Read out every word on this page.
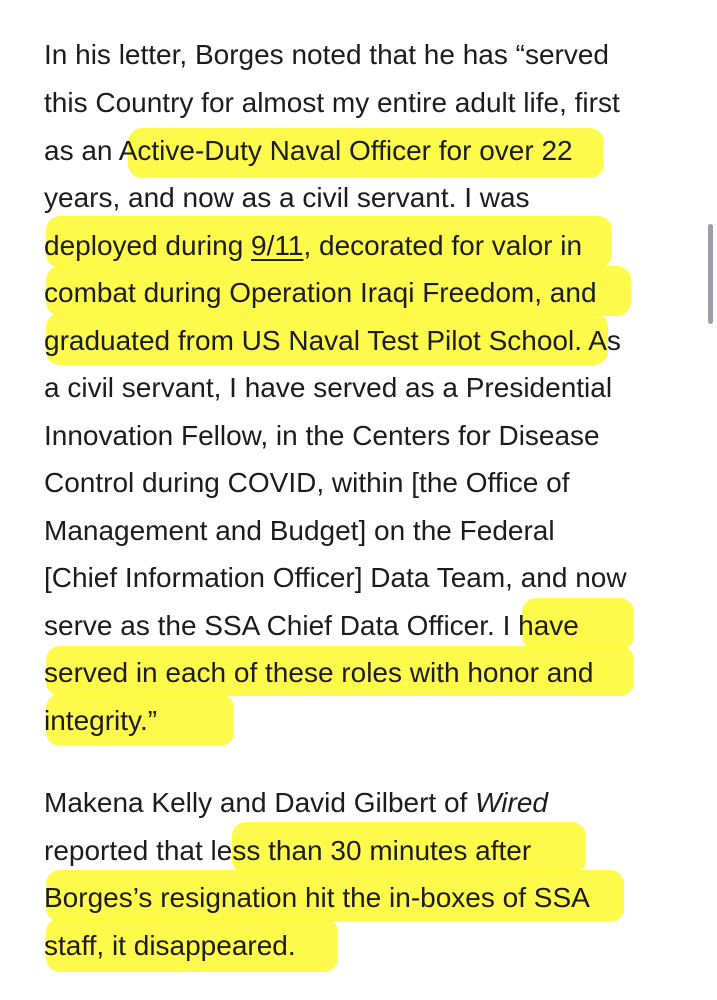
In his letter, Borges noted that he has “served
this Country for almost my entire adult life, first
as an Active-Duty Naval Officer for over 22
years, and now as a civil servant. I was
deployed during 9/11, decorated for valor in
combat during Operation Iraqi Freedom, and
graduated from US Naval Test Pilot School. As
a civil servant, I have served as a Presidential
Innovation Fellow, in the Centers for Disease
Control during COVID, within [the Office of
Management and Budget] on the Federal
[Chief Information Officer] Data Team, and now
serve as the SSA Chief Data Officer. I have
served in each of these roles with honor and
integrity.”
Makena Kelly and David Gilbert of Wired
reported that less than 30 minutes after
Borges’s resignation hit the in-boxes of SSA
staff, it disappeared.
